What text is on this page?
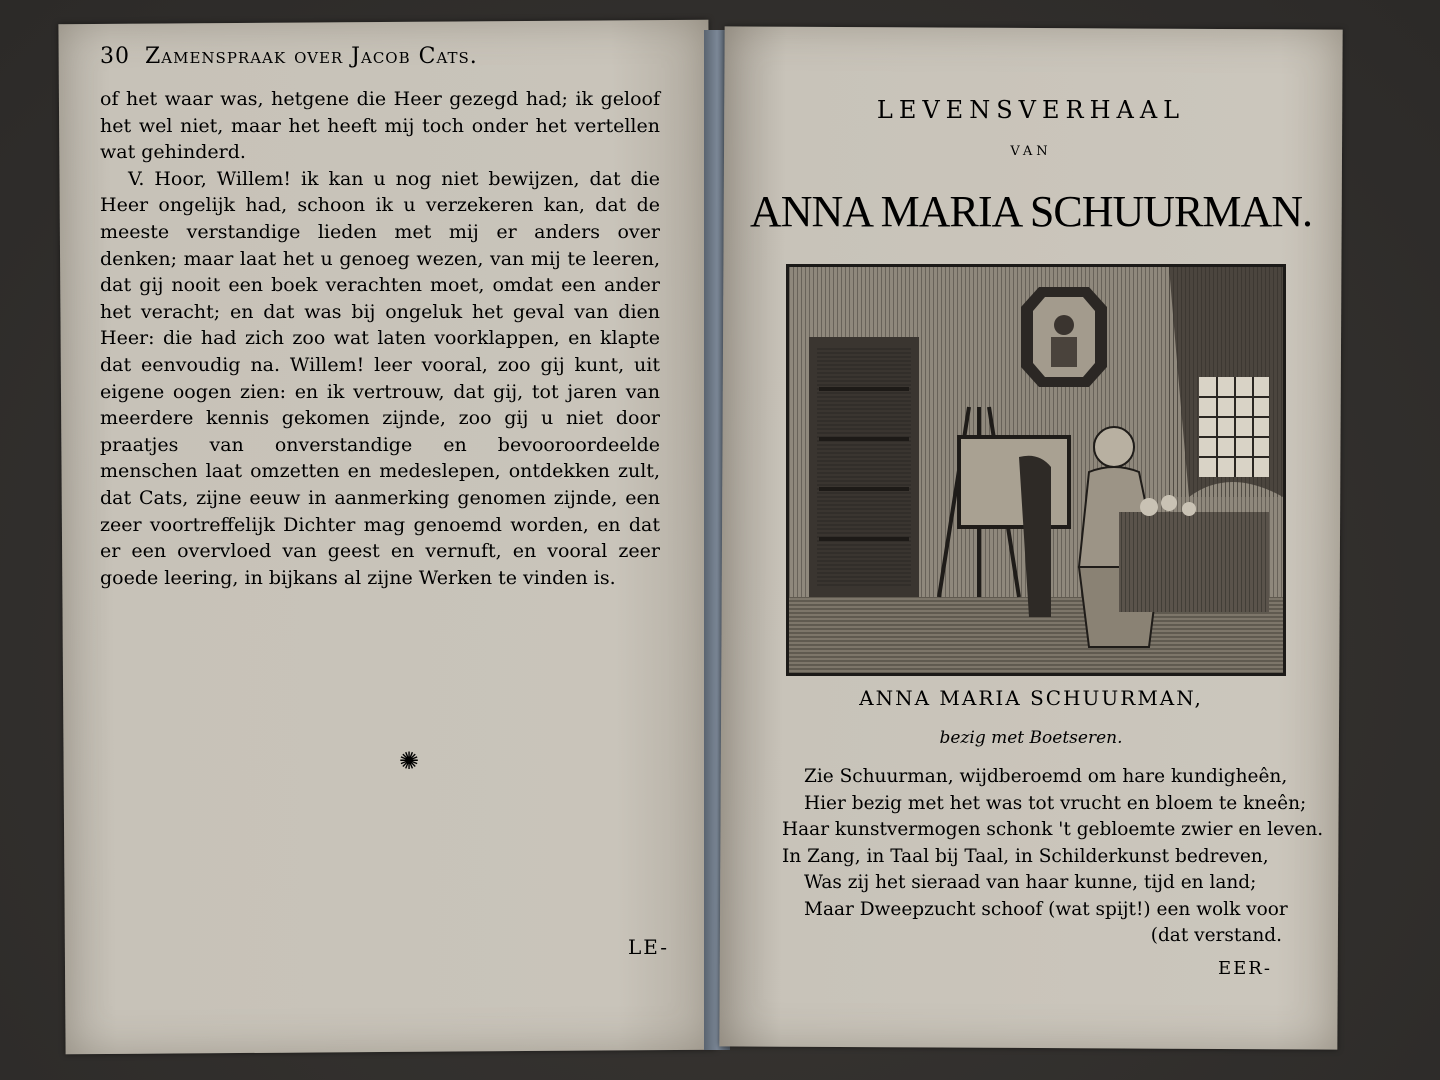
30 Zamenspraak over Jacob Cats.

of het waar was, hetgene die Heer gezegd had; ik geloof het wel niet, maar het heeft mij toch onder het vertellen wat gehinderd.

V. Hoor, Willem! ik kan u nog niet bewijzen, dat die Heer ongelijk had, schoon ik u verzekeren kan, dat de meeste verstandige lieden met mij er anders over denken; maar laat het u genoeg wezen, van mij te leeren, dat gij nooit een boek verachten moet, omdat een ander het veracht; en dat was bij ongeluk het geval van dien Heer: die had zich zoo wat laten voorklappen, en klapte dat eenvoudig na. Willem! leer vooral, zoo gij kunt, uit eigene oogen zien: en ik vertrouw, dat gij, tot jaren van meerdere kennis gekomen zijnde, zoo gij u niet door praatjes van onverstandige en bevooroordeelde menschen laat omzetten en medeslepen, ontdekken zult, dat Cats, zijne eeuw in aanmerking genomen zijnde, een zeer voortreffelijk Dichter mag genoemd worden, en dat er een overvloed van geest en vernuft, en vooral zeer goede leering, in bijkans al zijne Werken te vinden is.

✺
LE-
LEVENSVERHAAL
VAN
ANNA MARIA SCHUURMAN.
ANNA MARIA SCHUURMAN,
bezig met Boetseren.
Zie Schuurman, wijdberoemd om hare kundigheên,
Hier bezig met het was tot vrucht en bloem te kneên;
Haar kunstvermogen schonk 't gebloemte zwier en leven.
In Zang, in Taal bij Taal, in Schilderkunst bedreven,
Was zij het sieraad van haar kunne, tijd en land;
Maar Dweepzucht schoof (wat spijt!) een wolk voor
(dat verstand.
EER-
